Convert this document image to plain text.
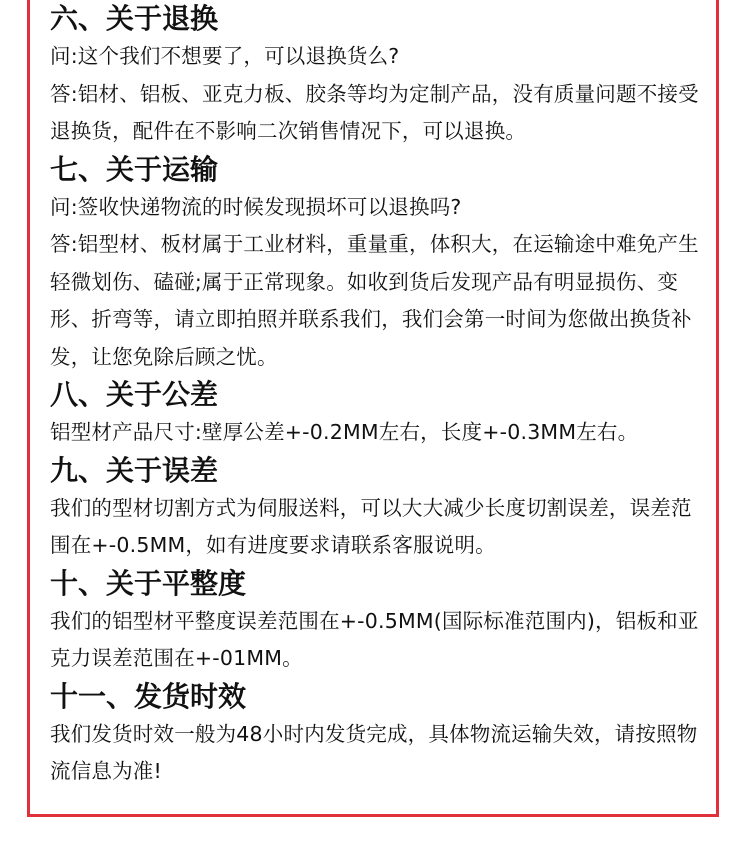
六、关于退换

问:这个我们不想要了，可以退换货么?

答:铝材、铝板、亚克力板、胶条等均为定制产品，没有质量问题不接受退换货，配件在不影响二次销售情况下，可以退换。

七、关于运输

问:签收快递物流的时候发现损坏可以退换吗?

答:铝型材、板材属于工业材料，重量重，体积大，在运输途中难免产生轻微划伤、磕碰;属于正常现象。如收到货后发现产品有明显损伤、变形、折弯等，请立即拍照并联系我们，我们会第一时间为您做出换货补发，让您免除后顾之忧。

八、关于公差

铝型材产品尺寸:壁厚公差+-0.2MM左右，长度+-0.3MM左右。

九、关于误差

我们的型材切割方式为伺服送料，可以大大减少长度切割误差，误差范围在+-0.5MM，如有进度要求请联系客服说明。

十、关于平整度

我们的铝型材平整度误差范围在+-0.5MM(国际标准范围内)，铝板和亚克力误差范围在+-01MM。

十一、发货时效

我们发货时效一般为48小时内发货完成，具体物流运输失效，请按照物流信息为准!
